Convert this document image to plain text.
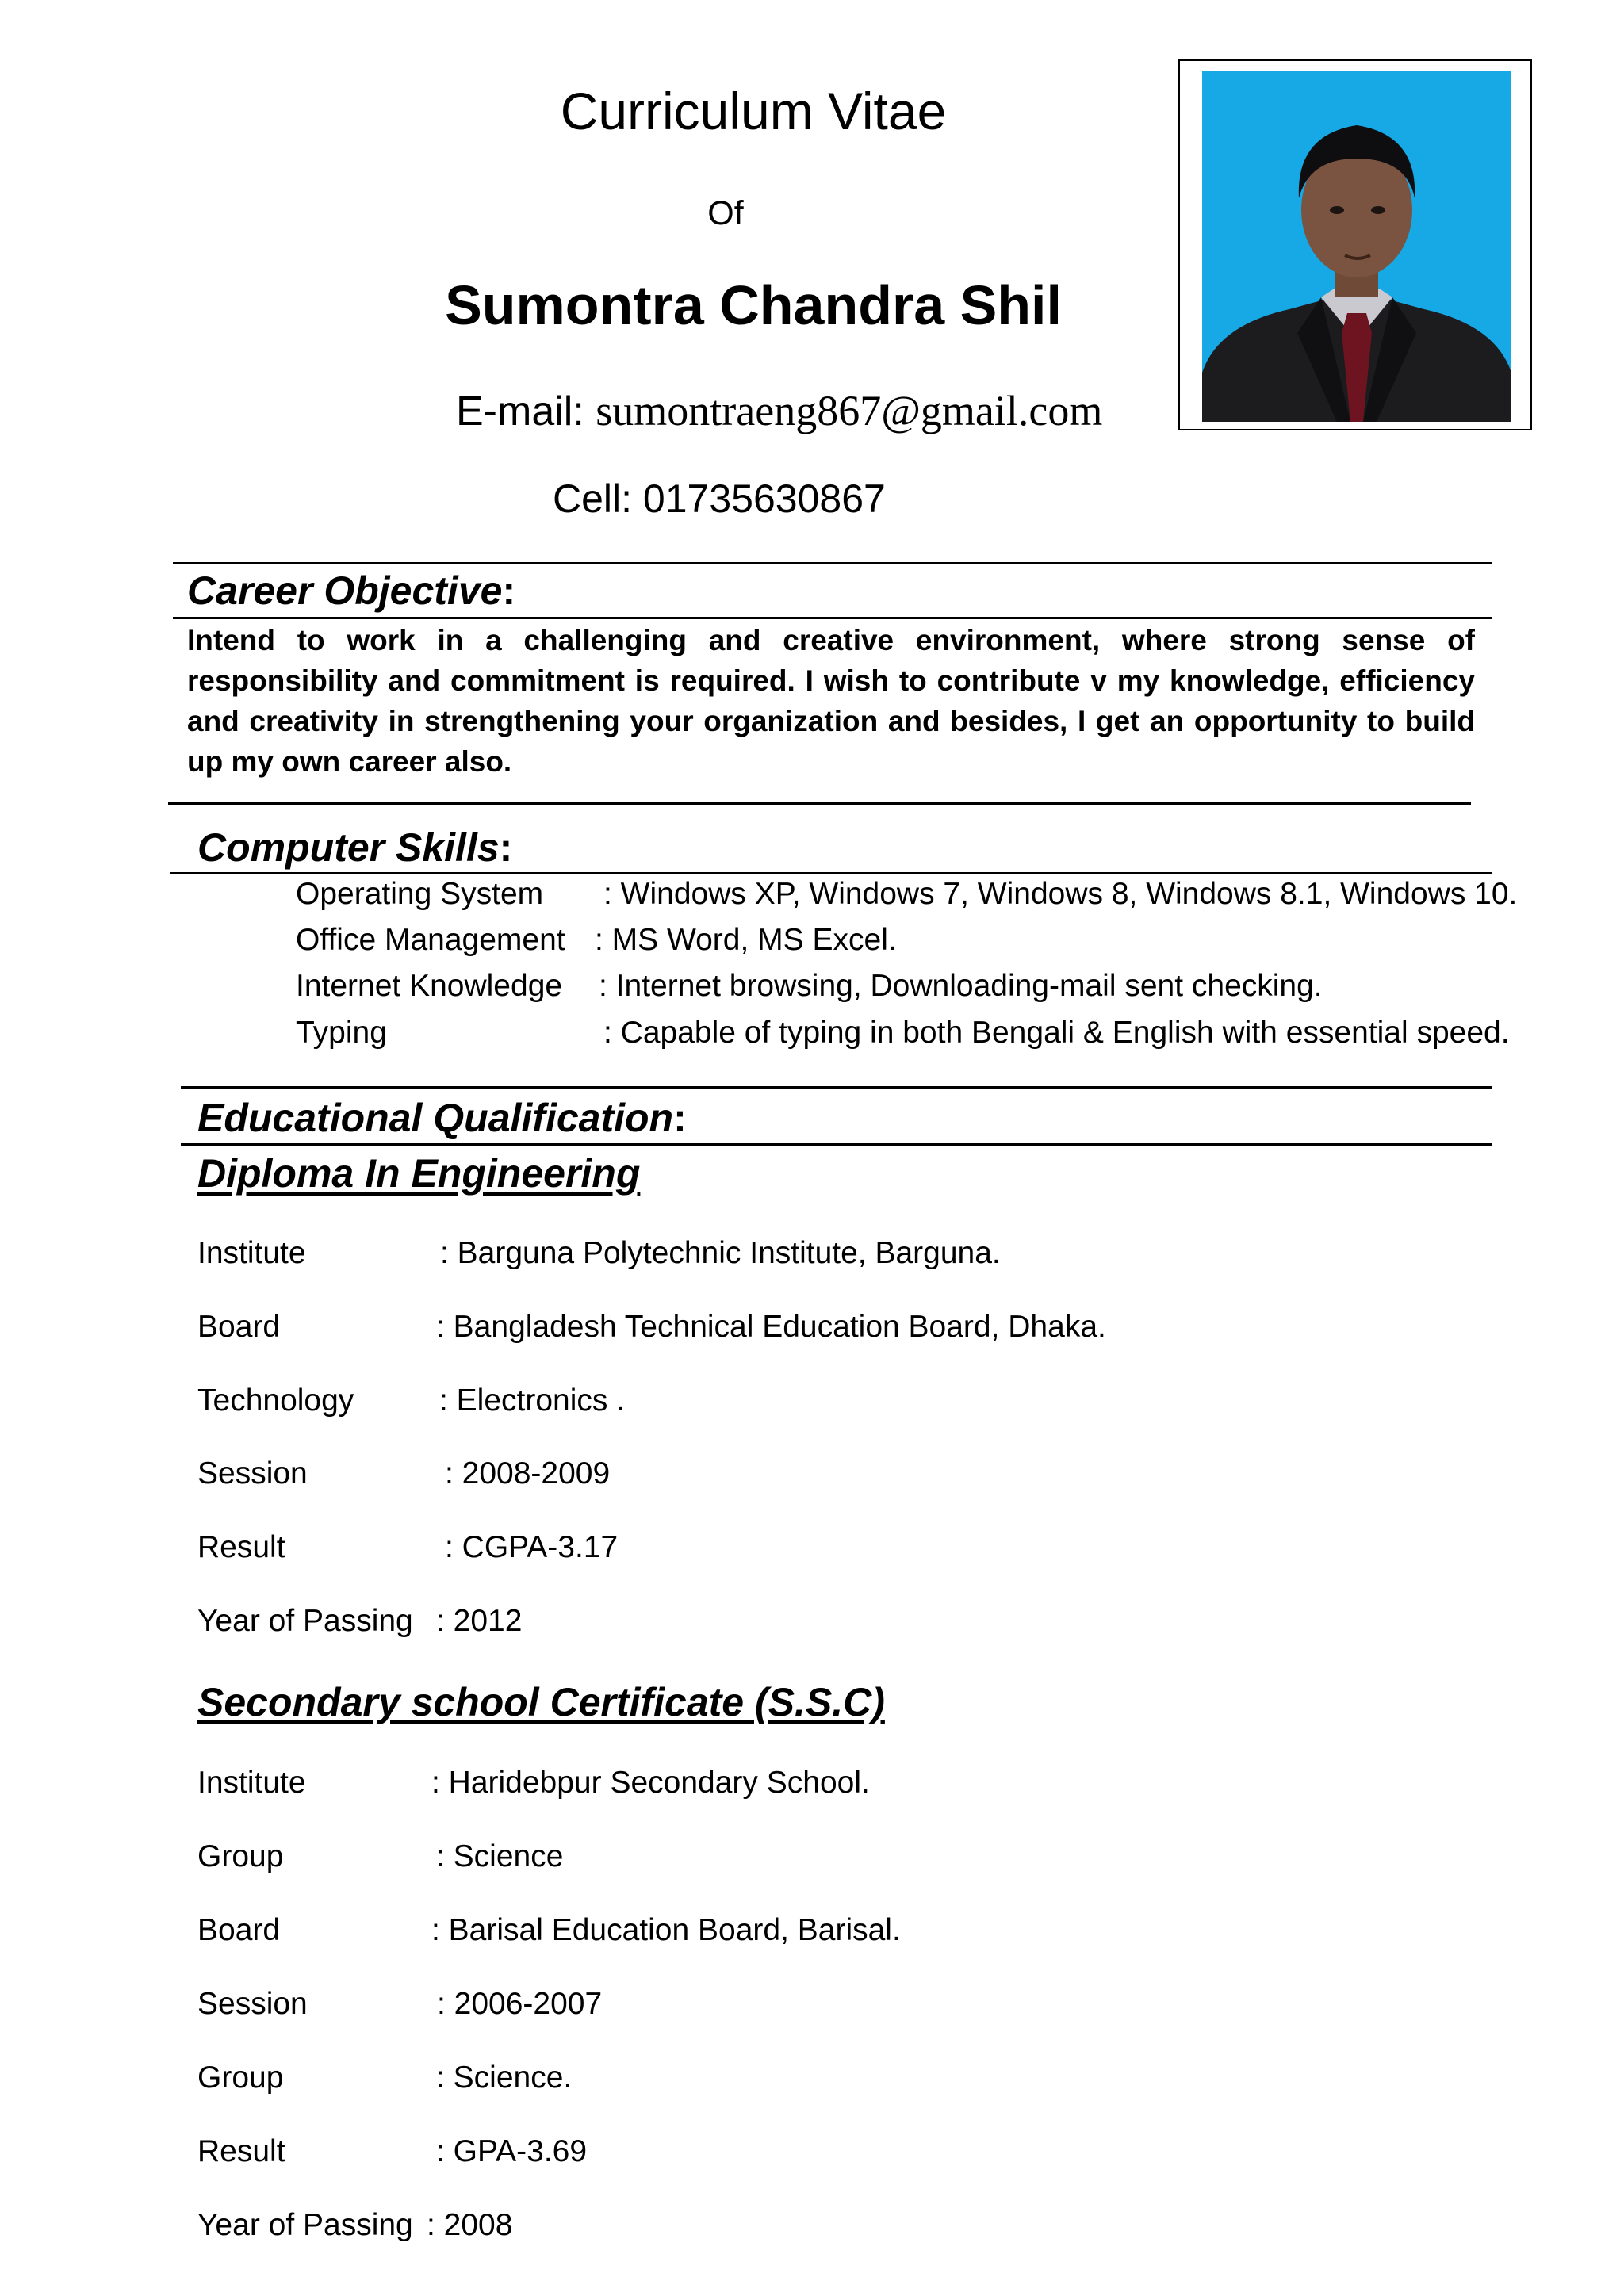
Curriculum Vitae
Of
Sumontra Chandra Shil
E-mail: sumontraeng867@gmail.com
Cell: 01735630867
Career Objective:
Intend to work in a challenging and creative environment, where strong sense of responsibility and commitment is required. I wish to contribute v my knowledge, efficiency and creativity in strengthening your organization and besides, I get an opportunity to build up my own career also.
Computer Skills:
Operating System : Windows XP, Windows 7, Windows 8, Windows 8.1, Windows 10.
Office Management : MS Word, MS Excel.
Internet Knowledge : Internet browsing, Downloading-mail sent checking.
Typing	: Capable of typing in both Bengali & English with essential speed.
Educational Qualification:
Diploma In Engineering
Institute	: Barguna Polytechnic Institute, Barguna.
Board	: Bangladesh Technical Education Board, Dhaka.
Technology	: Electronics .
Session	: 2008-2009
Result	: CGPA-3.17
Year of Passing : 2012
Secondary school Certificate (S.S.C)
Institute	: Haridebpur Secondary School.
Group	: Science
Board	: Barisal Education Board, Barisal.
Session	: 2006-2007
Group	: Science.
Result	: GPA-3.69
Year of Passing : 2008
